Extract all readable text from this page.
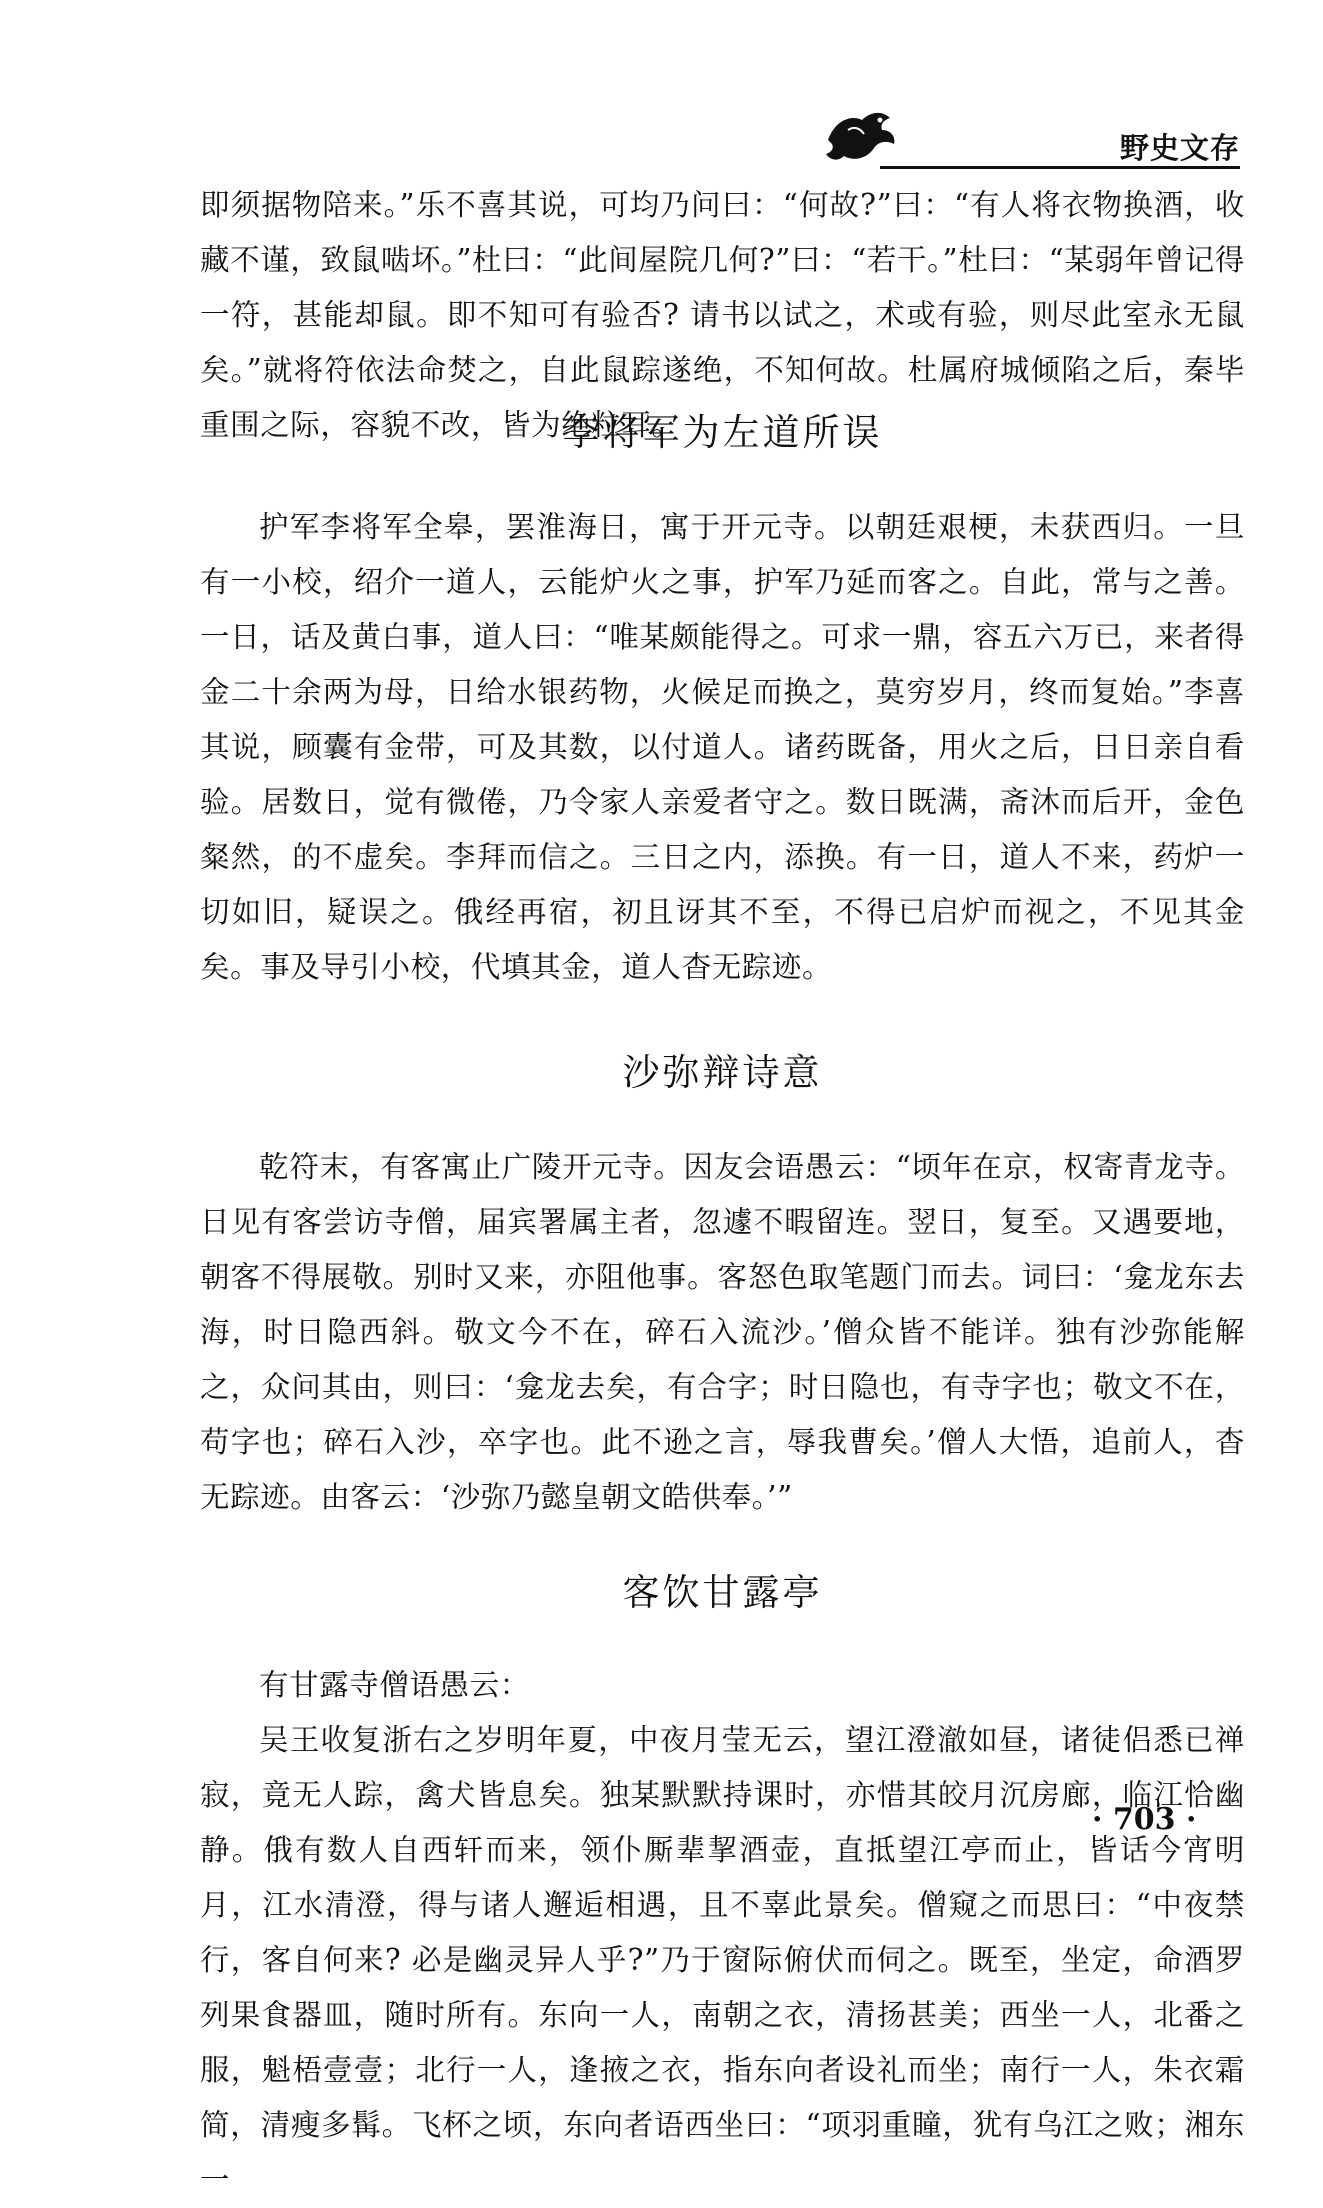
野史文存

即须据物陪来。”乐不喜其说，可均乃问曰：“何故?”曰：“有人将衣物换酒，收藏不谨，致鼠啮坏。”杜曰：“此间屋院几何?”曰：“若干。”杜曰：“某弱年曾记得一符，甚能却鼠。即不知可有验否? 请书以试之，术或有验，则尽此室永无鼠矣。”就将符依法命焚之，自此鼠踪遂绝，不知何故。杜属府城倾陷之后，秦毕重围之际，容貌不改，皆为绝粒耳。

李将军为左道所误

护军李将军全皋，罢淮海日，寓于开元寺。以朝廷艰梗，未获西归。一旦有一小校，绍介一道人，云能炉火之事，护军乃延而客之。自此，常与之善。一日，话及黄白事，道人曰：“唯某颇能得之。可求一鼎，容五六万已，来者得金二十余两为母，日给水银药物，火候足而换之，莫穷岁月，终而复始。”李喜其说，顾囊有金带，可及其数，以付道人。诸药既备，用火之后，日日亲自看验。居数日，觉有微倦，乃令家人亲爱者守之。数日既满，斋沐而后开，金色粲然，的不虚矣。李拜而信之。三日之内，添换。有一日，道人不来，药炉一切如旧，疑误之。俄经再宿，初且讶其不至，不得已启炉而视之，不见其金矣。事及导引小校，代填其金，道人杳无踪迹。

沙弥辩诗意

乾符末，有客寓止广陵开元寺。因友会语愚云：“顷年在京，权寄青龙寺。日见有客尝访寺僧，届宾署属主者，忽遽不暇留连。翌日，复至。又遇要地，朝客不得展敬。别时又来，亦阻他事。客怒色取笔题门而去。词曰：‘龛龙东去海，时日隐西斜。敬文今不在，碎石入流沙。’僧众皆不能详。独有沙弥能解之，众问其由，则曰：‘龛龙去矣，有合字；时日隐也，有寺字也；敬文不在，苟字也；碎石入沙，卒字也。此不逊之言，辱我曹矣。’僧人大悟，追前人，杳无踪迹。由客云：‘沙弥乃懿皇朝文皓供奉。’”

客饮甘露亭

有甘露寺僧语愚云：

吴王收复浙右之岁明年夏，中夜月莹无云，望江澄澈如昼，诸徒侣悉已禅寂，竟无人踪，禽犬皆息矣。独某默默持课时，亦惜其皎月沉房廊，临江恰幽静。俄有数人自西轩而来，领仆厮辈挈酒壶，直抵望江亭而止，皆话今宵明月，江水清澄，得与诸人邂逅相遇，且不辜此景矣。僧窥之而思曰：“中夜禁行，客自何来? 必是幽灵异人乎?”乃于窗际俯伏而伺之。既至，坐定，命酒罗列果食器皿，随时所有。东向一人，南朝之衣，清扬甚美；西坐一人，北番之服，魁梧壹壹；北行一人，逢掖之衣，指东向者设礼而坐；南行一人，朱衣霜简，清瘦多髯。飞杯之顷，东向者语西坐曰：“项羽重瞳，犹有乌江之败；湘东一

· 703 ·
